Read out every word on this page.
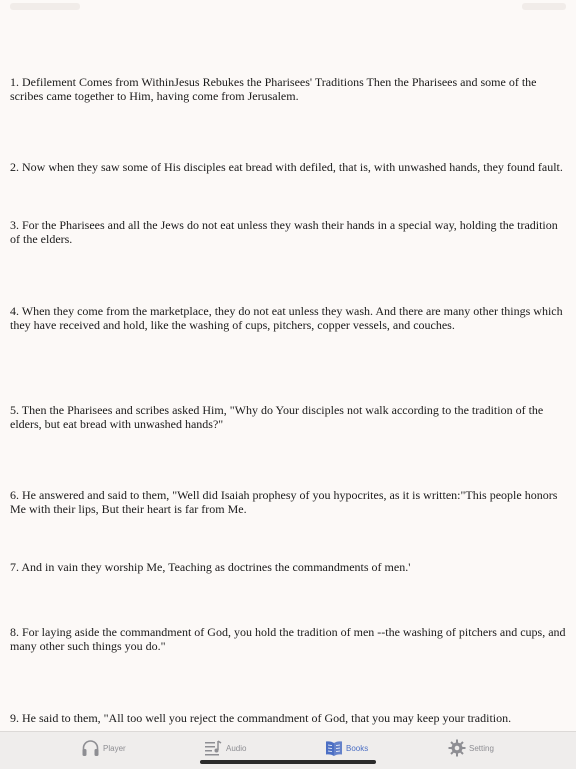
1. Defilement Comes from WithinJesus Rebukes the Pharisees' Traditions Then the Pharisees and some of the scribes came together to Him, having come from Jerusalem.

2. Now when they saw some of His disciples eat bread with defiled, that is, with unwashed hands, they found fault.

3. For the Pharisees and all the Jews do not eat unless they wash their hands in a special way, holding the tradition of the elders.

4. When they come from the marketplace, they do not eat unless they wash. And there are many other things which they have received and hold, like the washing of cups, pitchers, copper vessels, and couches.

5. Then the Pharisees and scribes asked Him, "Why do Your disciples not walk according to the tradition of the elders, but eat bread with unwashed hands?"

6. He answered and said to them, "Well did Isaiah prophesy of you hypocrites, as it is written:"This people honors Me with their lips, But their heart is far from Me.

7. And in vain they worship Me, Teaching as doctrines the commandments of men.'

8. For laying aside the commandment of God, you hold the tradition of men --the washing of pitchers and cups, and many other such things you do."

9. He said to them, "All too well you reject the commandment of God, that you may keep your tradition.

Player	Audio	Books	Setting
